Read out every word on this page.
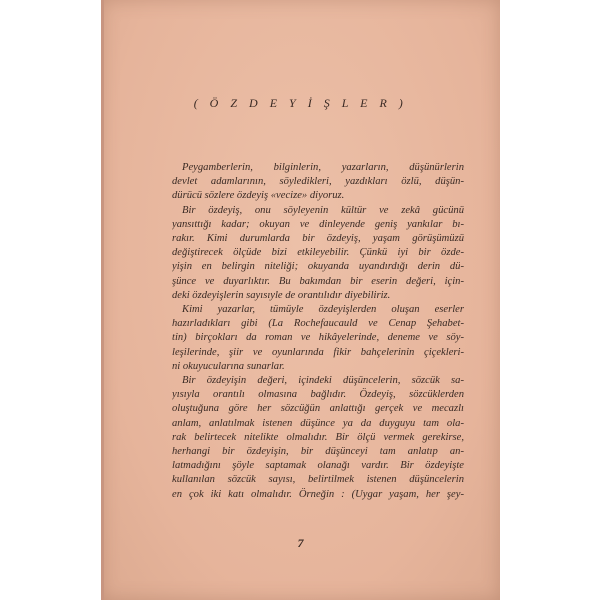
( Ö Z D E Y İ Ş L E R )
Peygamberlerin, bilginlerin, yazarların, düşünürlerin
devlet adamlarının, söyledikleri, yazdıkları özlü, düşün-
dürücü sözlere özdeyiş «vecize» diyoruz.
Bir özdeyiş, onu söyleyenin kültür ve zekâ gücünü
yansıttığı kadar; okuyan ve dinleyende geniş yankılar bı-
rakır. Kimi durumlarda bir özdeyiş, yaşam görüşümüzü
değiştirecek ölçüde bizi etkileyebilir. Çünkü iyi bir özde-
yişin en belirgin niteliği; okuyanda uyandırdığı derin dü-
şünce ve duyarlıktır. Bu bakımdan bir eserin değeri, için-
deki özdeyişlerin sayısıyle de orantılıdır diyebiliriz.
Kimi yazarlar, tümüyle özdeyişlerden oluşan eserler
hazırladıkları gibi (La Rochefaucauld ve Cenap Şehabet-
tin) birçokları da roman ve hikâyelerinde, deneme ve söy-
leşilerinde, şiir ve oyunlarında fikir bahçelerinin çiçekleri-
ni okuyucularına sunarlar.
Bir özdeyişin değeri, içindeki düşüncelerin, sözcük sa-
yısıyla orantılı olmasına bağlıdır. Özdeyiş, sözcüklerden
oluştuğuna göre her sözcüğün anlattığı gerçek ve mecazlı
anlam, anlatılmak istenen düşünce ya da duyguyu tam ola-
rak belirtecek nitelikte olmalıdır. Bir ölçü vermek gerekirse,
herhangi bir özdeyişin, bir düşünceyi tam anlatıp an-
latmadığını şöyle saptamak olanağı vardır. Bir özdeyişte
kullanılan sözcük sayısı, belirtilmek istenen düşüncelerin
en çok iki katı olmalıdır. Örneğin : (Uygar yaşam, her şey-
7
